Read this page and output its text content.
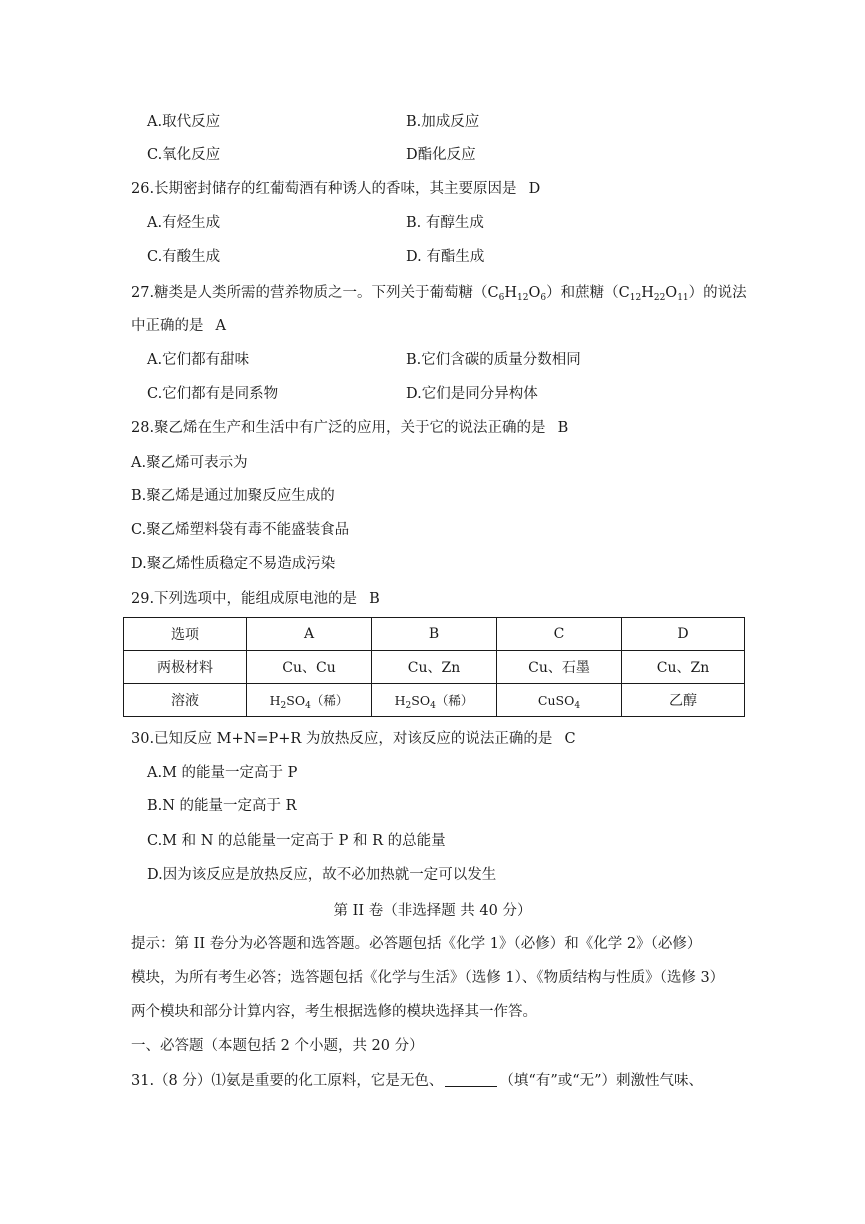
A.取代反应	B.加成反应
C.氧化反应	D酯化反应
26.长期密封储存的红葡萄酒有种诱人的香味，其主要原因是 D
A.有烃生成	B. 有醇生成
C.有酸生成	D. 有酯生成
27.糖类是人类所需的营养物质之一。下列关于葡萄糖$(C_6H_{12}O_6)$和蔗糖$(C_{12}H_{22}O_{11})$的说法
中正确的是 A
A.它们都有甜味	B.它们含碳的质量分数相同
C.它们都有是同系物	D.它们是同分异构体
28.聚乙烯在生产和生活中有广泛的应用，关于它的说法正确的是 B
A.聚乙烯可表示为
B.聚乙烯是通过加聚反应生成的
C.聚乙烯塑料袋有毒不能盛装食品
D.聚乙烯性质稳定不易造成污染
29.下列选项中，能组成原电池的是 B
选项	A	B	C	D
两极材料	Cu、Cu	Cu、Zn	Cu、石墨	Cu、Zn
溶液	$H_2SO_4$（稀）	$H_2SO_4$（稀）	CuSO$_4$	乙醇
30.已知反应 M+N=P+R 为放热反应，对该反应的说法正确的是 C
A.M 的能量一定高于 P
B.N 的能量一定高于 R
C.M 和 N 的总能量一定高于 P 和 R 的总能量
D.因为该反应是放热反应，故不必加热就一定可以发生
第 II 卷（非选择题 共 40 分）
提示：第 II 卷分为必答题和选答题。必答题包括《化学 1》（必修）和《化学 2》（必修）
模块，为所有考生必答；选答题包括《化学与生活》（选修 1）、《物质结构与性质》（选修 3）
两个模块和部分计算内容，考生根据选修的模块选择其一作答。
一、必答题（本题包括 2 个小题，共 20 分）
31.（8 分）⑴氨是重要的化工原料，它是无色、	（填“有”或“无”）刺激性气味、
